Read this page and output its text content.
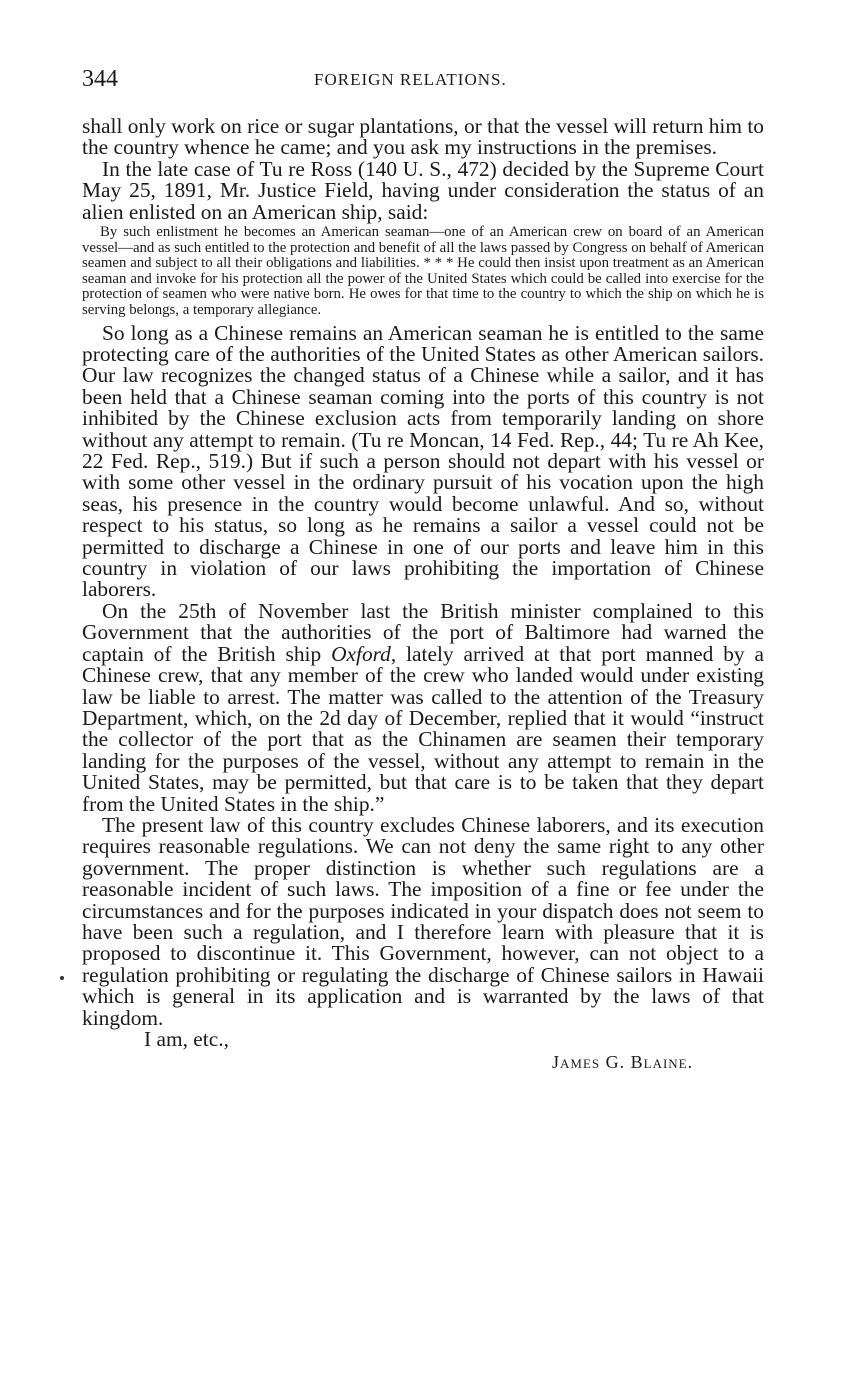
344	FOREIGN RELATIONS.

shall only work on rice or sugar plantations, or that the vessel will return him to the country whence he came; and you ask my instructions in the premises.

In the late case of Tu re Ross (140 U. S., 472) decided by the Supreme Court May 25, 1891, Mr. Justice Field, having under consideration the status of an alien enlisted on an American ship, said:

By such enlistment he becomes an American seaman—one of an American crew on board of an American vessel—and as such entitled to the protection and benefit of all the laws passed by Congress on behalf of American seamen and subject to all their obligations and liabilities. * * * He could then insist upon treatment as an American seaman and invoke for his protection all the power of the United States which could be called into exercise for the protection of seamen who were native born. He owes for that time to the country to which the ship on which he is serving belongs, a temporary allegiance.

So long as a Chinese remains an American seaman he is entitled to the same protecting care of the authorities of the United States as other American sailors. Our law recognizes the changed status of a Chinese while a sailor, and it has been held that a Chinese seaman coming into the ports of this country is not inhibited by the Chinese exclusion acts from temporarily landing on shore without any attempt to remain. (Tu re Moncan, 14 Fed. Rep., 44; Tu re Ah Kee, 22 Fed. Rep., 519.) But if such a person should not depart with his vessel or with some other vessel in the ordinary pursuit of his vocation upon the high seas, his presence in the country would become unlawful. And so, without respect to his status, so long as he remains a sailor a vessel could not be permitted to discharge a Chinese in one of our ports and leave him in this country in violation of our laws prohibiting the importation of Chinese laborers.

On the 25th of November last the British minister complained to this Government that the authorities of the port of Baltimore had warned the captain of the British ship Oxford, lately arrived at that port manned by a Chinese crew, that any member of the crew who landed would under existing law be liable to arrest. The matter was called to the attention of the Treasury Department, which, on the 2d day of December, replied that it would “instruct the collector of the port that as the Chinamen are seamen their temporary landing for the purposes of the vessel, without any attempt to remain in the United States, may be permitted, but that care is to be taken that they depart from the United States in the ship.”

The present law of this country excludes Chinese laborers, and its execution requires reasonable regulations. We can not deny the same right to any other government. The proper distinction is whether such regulations are a reasonable incident of such laws. The imposition of a fine or fee under the circumstances and for the purposes indicated in your dispatch does not seem to have been such a regulation, and I therefore learn with pleasure that it is proposed to discontinue it. This Government, however, can not object to a regulation prohibiting or regulating the discharge of Chinese sailors in Hawaii which is general in its application and is warranted by the laws of that kingdom.

I am, etc.,

James G. Blaine.
